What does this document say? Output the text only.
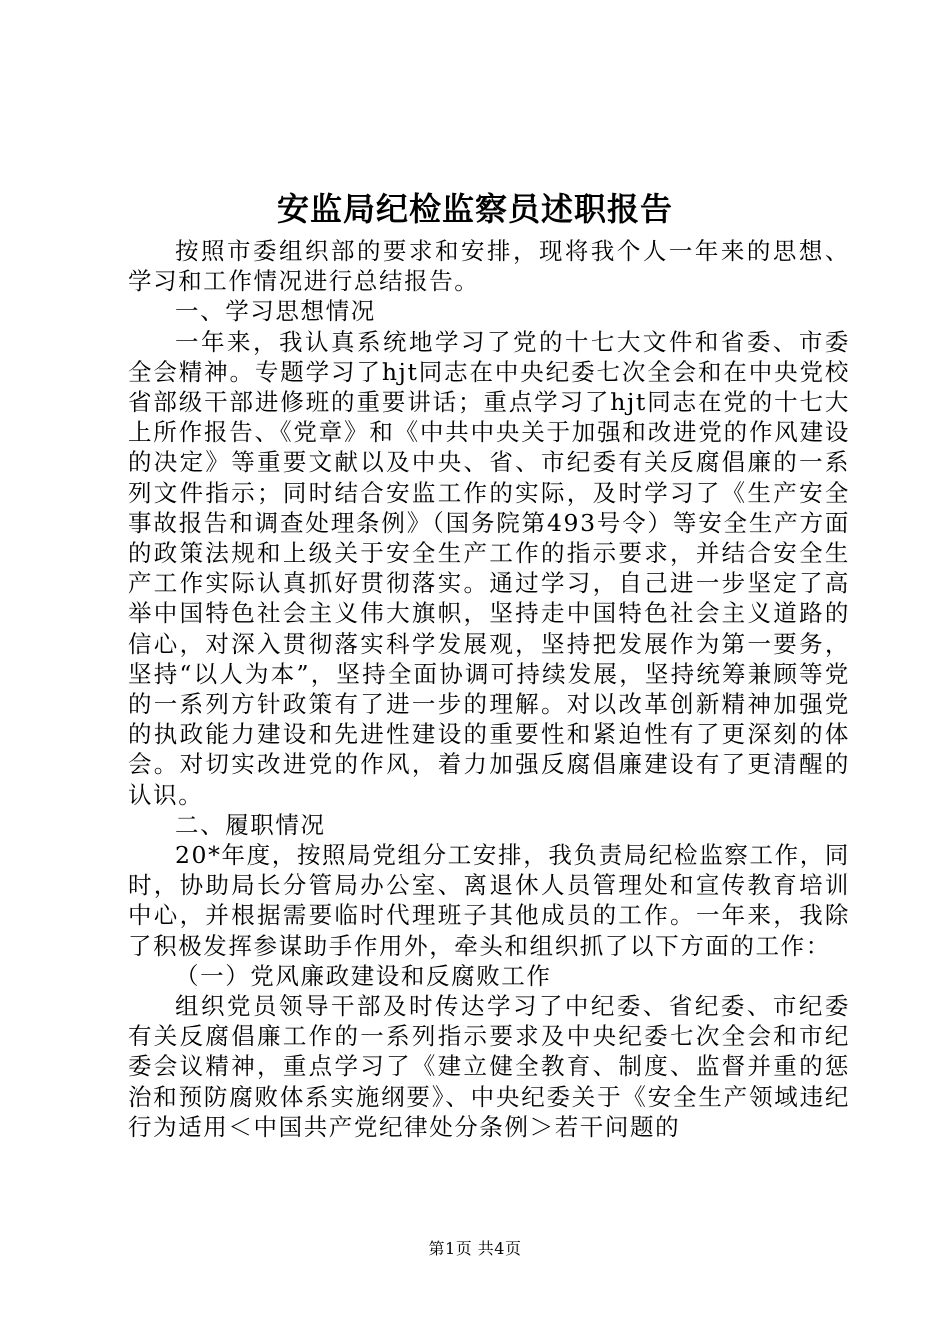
安监局纪检监察员述职报告

按照市委组织部的要求和安排，现将我个人一年来的思想、学习和工作情况进行总结报告。

一、学习思想情况

一年来，我认真系统地学习了党的十七大文件和省委、市委全会精神。专题学习了hjt同志在中央纪委七次全会和在中央党校省部级干部进修班的重要讲话；重点学习了hjt同志在党的十七大上所作报告、《党章》和《中共中央关于加强和改进党的作风建设的决定》等重要文献以及中央、省、市纪委有关反腐倡廉的一系列文件指示；同时结合安监工作的实际，及时学习了《生产安全事故报告和调查处理条例》（国务院第493号令）等安全生产方面的政策法规和上级关于安全生产工作的指示要求，并结合安全生产工作实际认真抓好贯彻落实。通过学习，自己进一步坚定了高举中国特色社会主义伟大旗帜，坚持走中国特色社会主义道路的信心，对深入贯彻落实科学发展观，坚持把发展作为第一要务，坚持“以人为本”，坚持全面协调可持续发展，坚持统筹兼顾等党的一系列方针政策有了进一步的理解。对以改革创新精神加强党的执政能力建设和先进性建设的重要性和紧迫性有了更深刻的体会。对切实改进党的作风，着力加强反腐倡廉建设有了更清醒的认识。

二、履职情况

20*年度，按照局党组分工安排，我负责局纪检监察工作，同时，协助局长分管局办公室、离退休人员管理处和宣传教育培训中心，并根据需要临时代理班子其他成员的工作。一年来，我除了积极发挥参谋助手作用外，牵头和组织抓了以下方面的工作：

（一）党风廉政建设和反腐败工作

组织党员领导干部及时传达学习了中纪委、省纪委、市纪委有关反腐倡廉工作的一系列指示要求及中央纪委七次全会和市纪委会议精神，重点学习了《建立健全教育、制度、监督并重的惩治和预防腐败体系实施纲要》、中央纪委关于《安全生产领域违纪行为适用＜中国共产党纪律处分条例＞若干问题的

第1页 共4页
